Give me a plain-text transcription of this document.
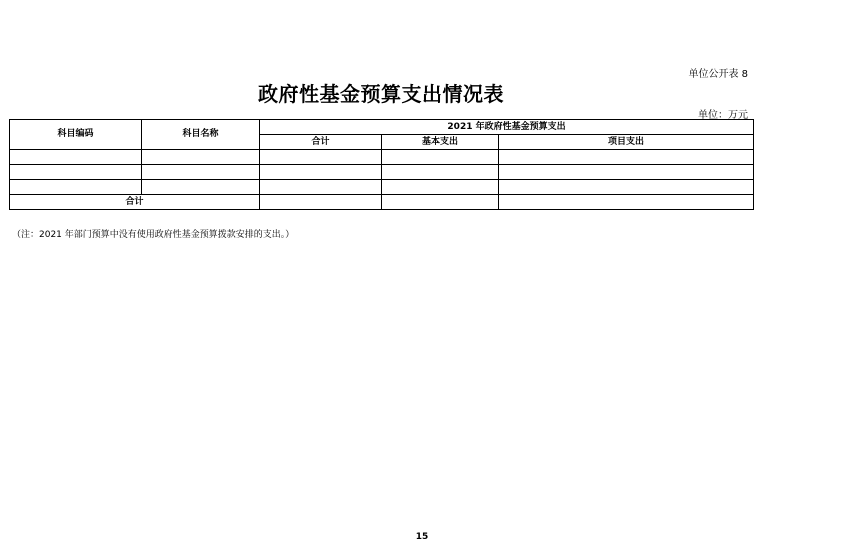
单位公开表 8
政府性基金预算支出情况表
单位：万元
科目编码	科目名称	2021 年政府性基金预算支出		
		合计	基本支出	项目支出

合计				
（注：2021 年部门预算中没有使用政府性基金预算拨款安排的支出。）
15
